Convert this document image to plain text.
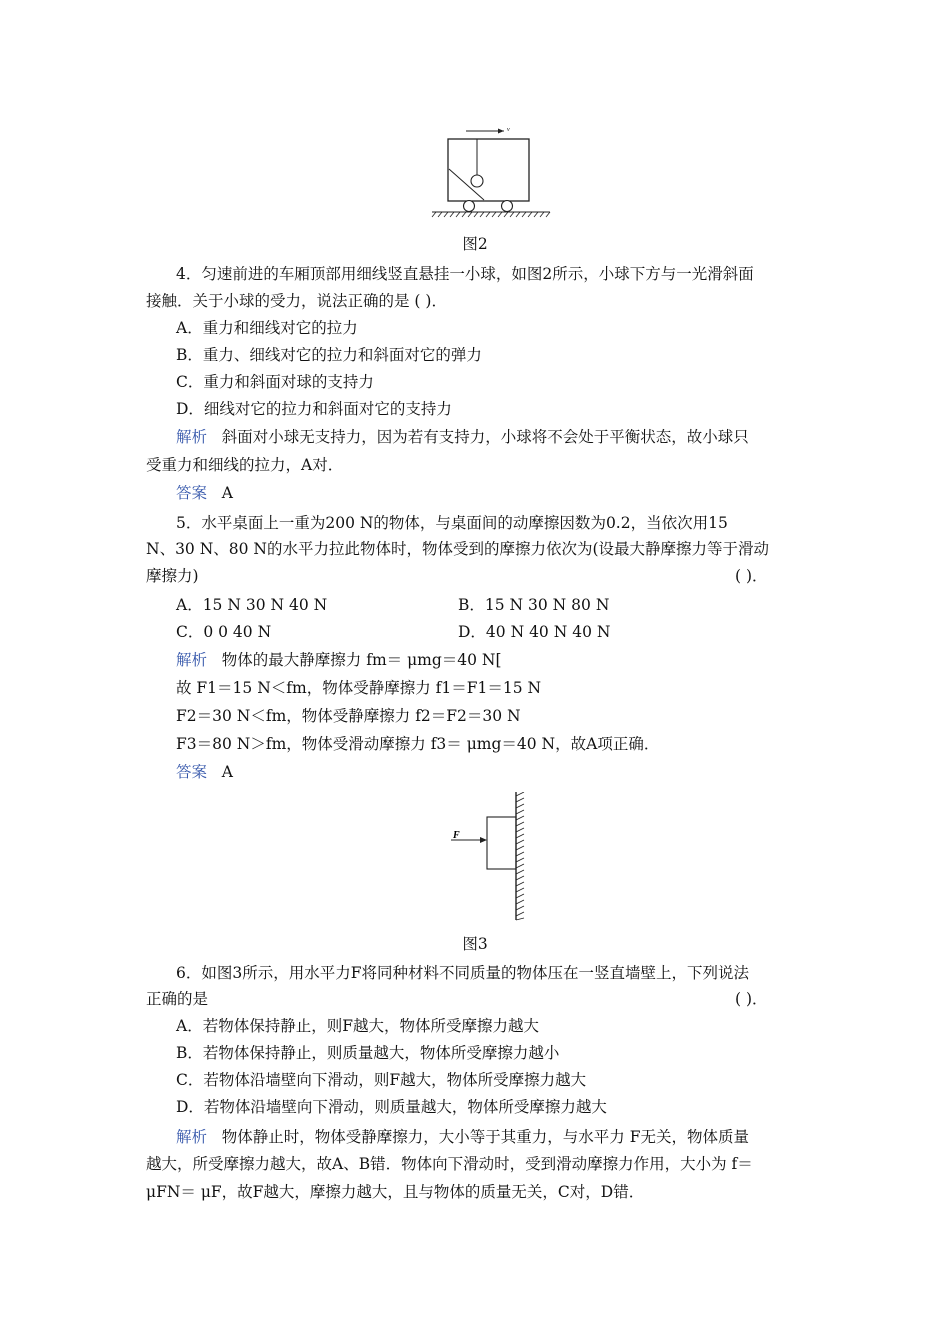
v
图2
4．匀速前进的车厢顶部用细线竖直悬挂一小球，如图2所示，小球下方与一光滑斜面
接触．关于小球的受力，说法正确的是 ( )．
A．重力和细线对它的拉力
B．重力、细线对它的拉力和斜面对它的弹力
C．重力和斜面对球的支持力
D．细线对它的拉力和斜面对它的支持力
解析 斜面对小球无支持力，因为若有支持力，小球将不会处于平衡状态，故小球只
受重力和细线的拉力，A对．
答案 A
5．水平桌面上一重为200 N的物体，与桌面间的动摩擦因数为0.2，当依次用15
N、30 N、80 N的水平力拉此物体时，物体受到的摩擦力依次为(设最大静摩擦力等于滑动
摩擦力)	( )．
A．15 N 30 N 40 N	B．15 N 30 N 80 N
C．0 0 40 N	D．40 N 40 N 40 N
解析 物体的最大静摩擦力 fm＝ μmg＝40 N[
故 F1＝15 N＜fm，物体受静摩擦力 f1＝F1＝15 N
F2＝30 N＜fm，物体受静摩擦力 f2＝F2＝30 N
F3＝80 N＞fm，物体受滑动摩擦力 f3＝ μmg＝40 N，故A项正确．
答案 A
F
图3
6．如图3所示，用水平力F将同种材料不同质量的物体压在一竖直墙壁上，下列说法
正确的是	( )．
A．若物体保持静止，则F越大，物体所受摩擦力越大
B．若物体保持静止，则质量越大，物体所受摩擦力越小
C．若物体沿墙壁向下滑动，则F越大，物体所受摩擦力越大
D．若物体沿墙壁向下滑动，则质量越大，物体所受摩擦力越大
解析 物体静止时，物体受静摩擦力，大小等于其重力，与水平力 F无关，物体质量
越大，所受摩擦力越大，故A、B错．物体向下滑动时，受到滑动摩擦力作用，大小为 f＝
μFN＝ μF，故F越大，摩擦力越大，且与物体的质量无关，C对，D错．
